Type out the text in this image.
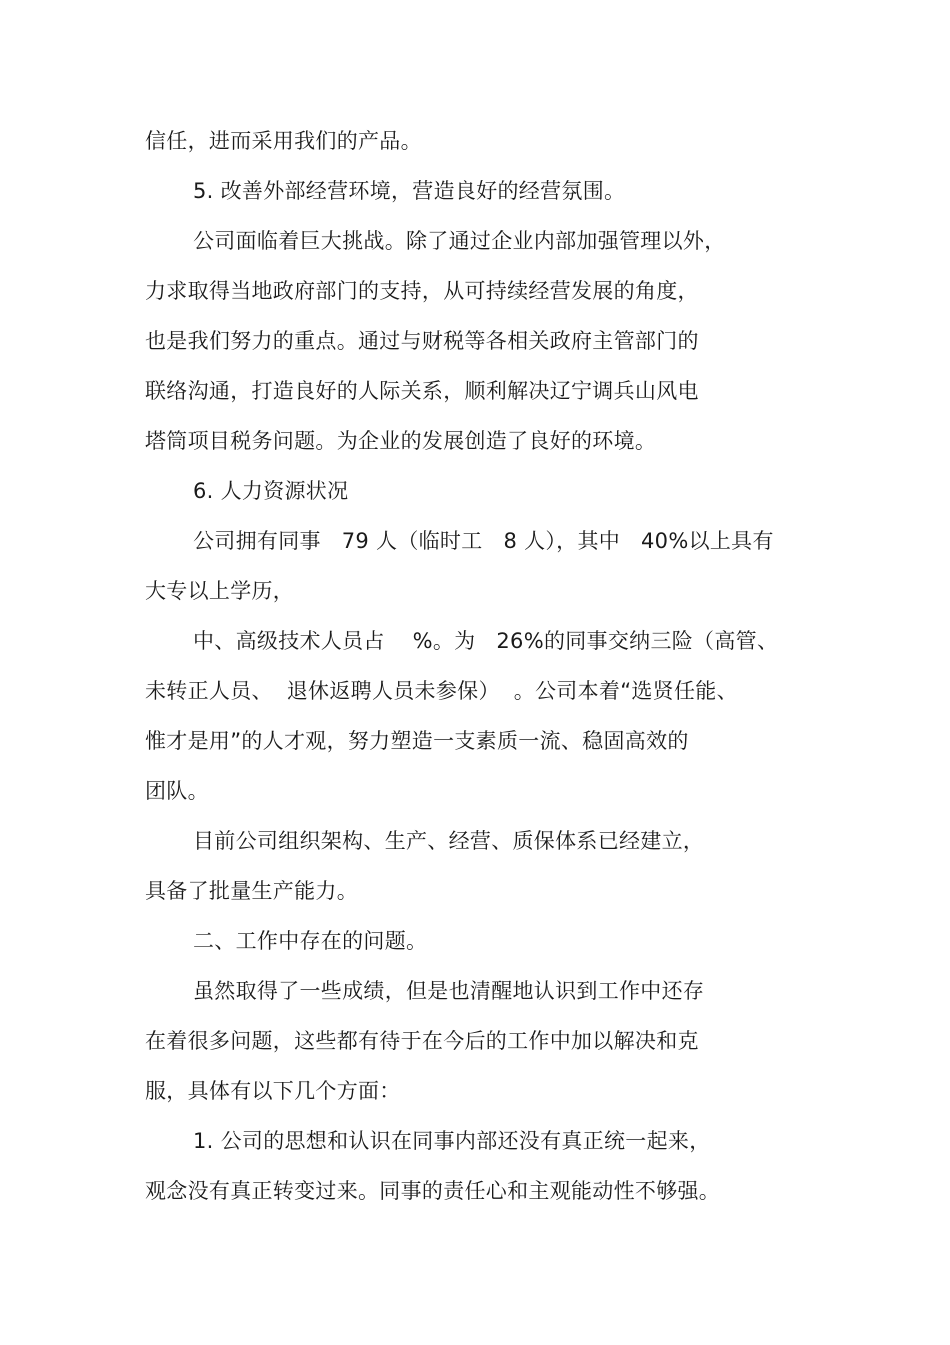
信任，进而采用我们的产品。

5. 改善外部经营环境，营造良好的经营氛围。

公司面临着巨大挑战。除了通过企业内部加强管理以外，

力求取得当地政府部门的支持，从可持续经营发展的角度，

也是我们努力的重点。通过与财税等各相关政府主管部门的

联络沟通，打造良好的人际关系，顺利解决辽宁调兵山风电

塔筒项目税务问题。为企业的发展创造了良好的环境。

6. 人力资源状况

公司拥有同事   79 人（临时工   8 人），其中   40%以上具有

大专以上学历，

中、高级技术人员占    %。为   26%的同事交纳三险（高管、

未转正人员、  退休返聘人员未参保）  。公司本着“选贤任能、

惟才是用”的人才观，努力塑造一支素质一流、稳固高效的

团队。

目前公司组织架构、生产、经营、质保体系已经建立，

具备了批量生产能力。

二、工作中存在的问题。

虽然取得了一些成绩，但是也清醒地认识到工作中还存

在着很多问题，这些都有待于在今后的工作中加以解决和克

服，具体有以下几个方面：

1. 公司的思想和认识在同事内部还没有真正统一起来，

观念没有真正转变过来。同事的责任心和主观能动性不够强。
